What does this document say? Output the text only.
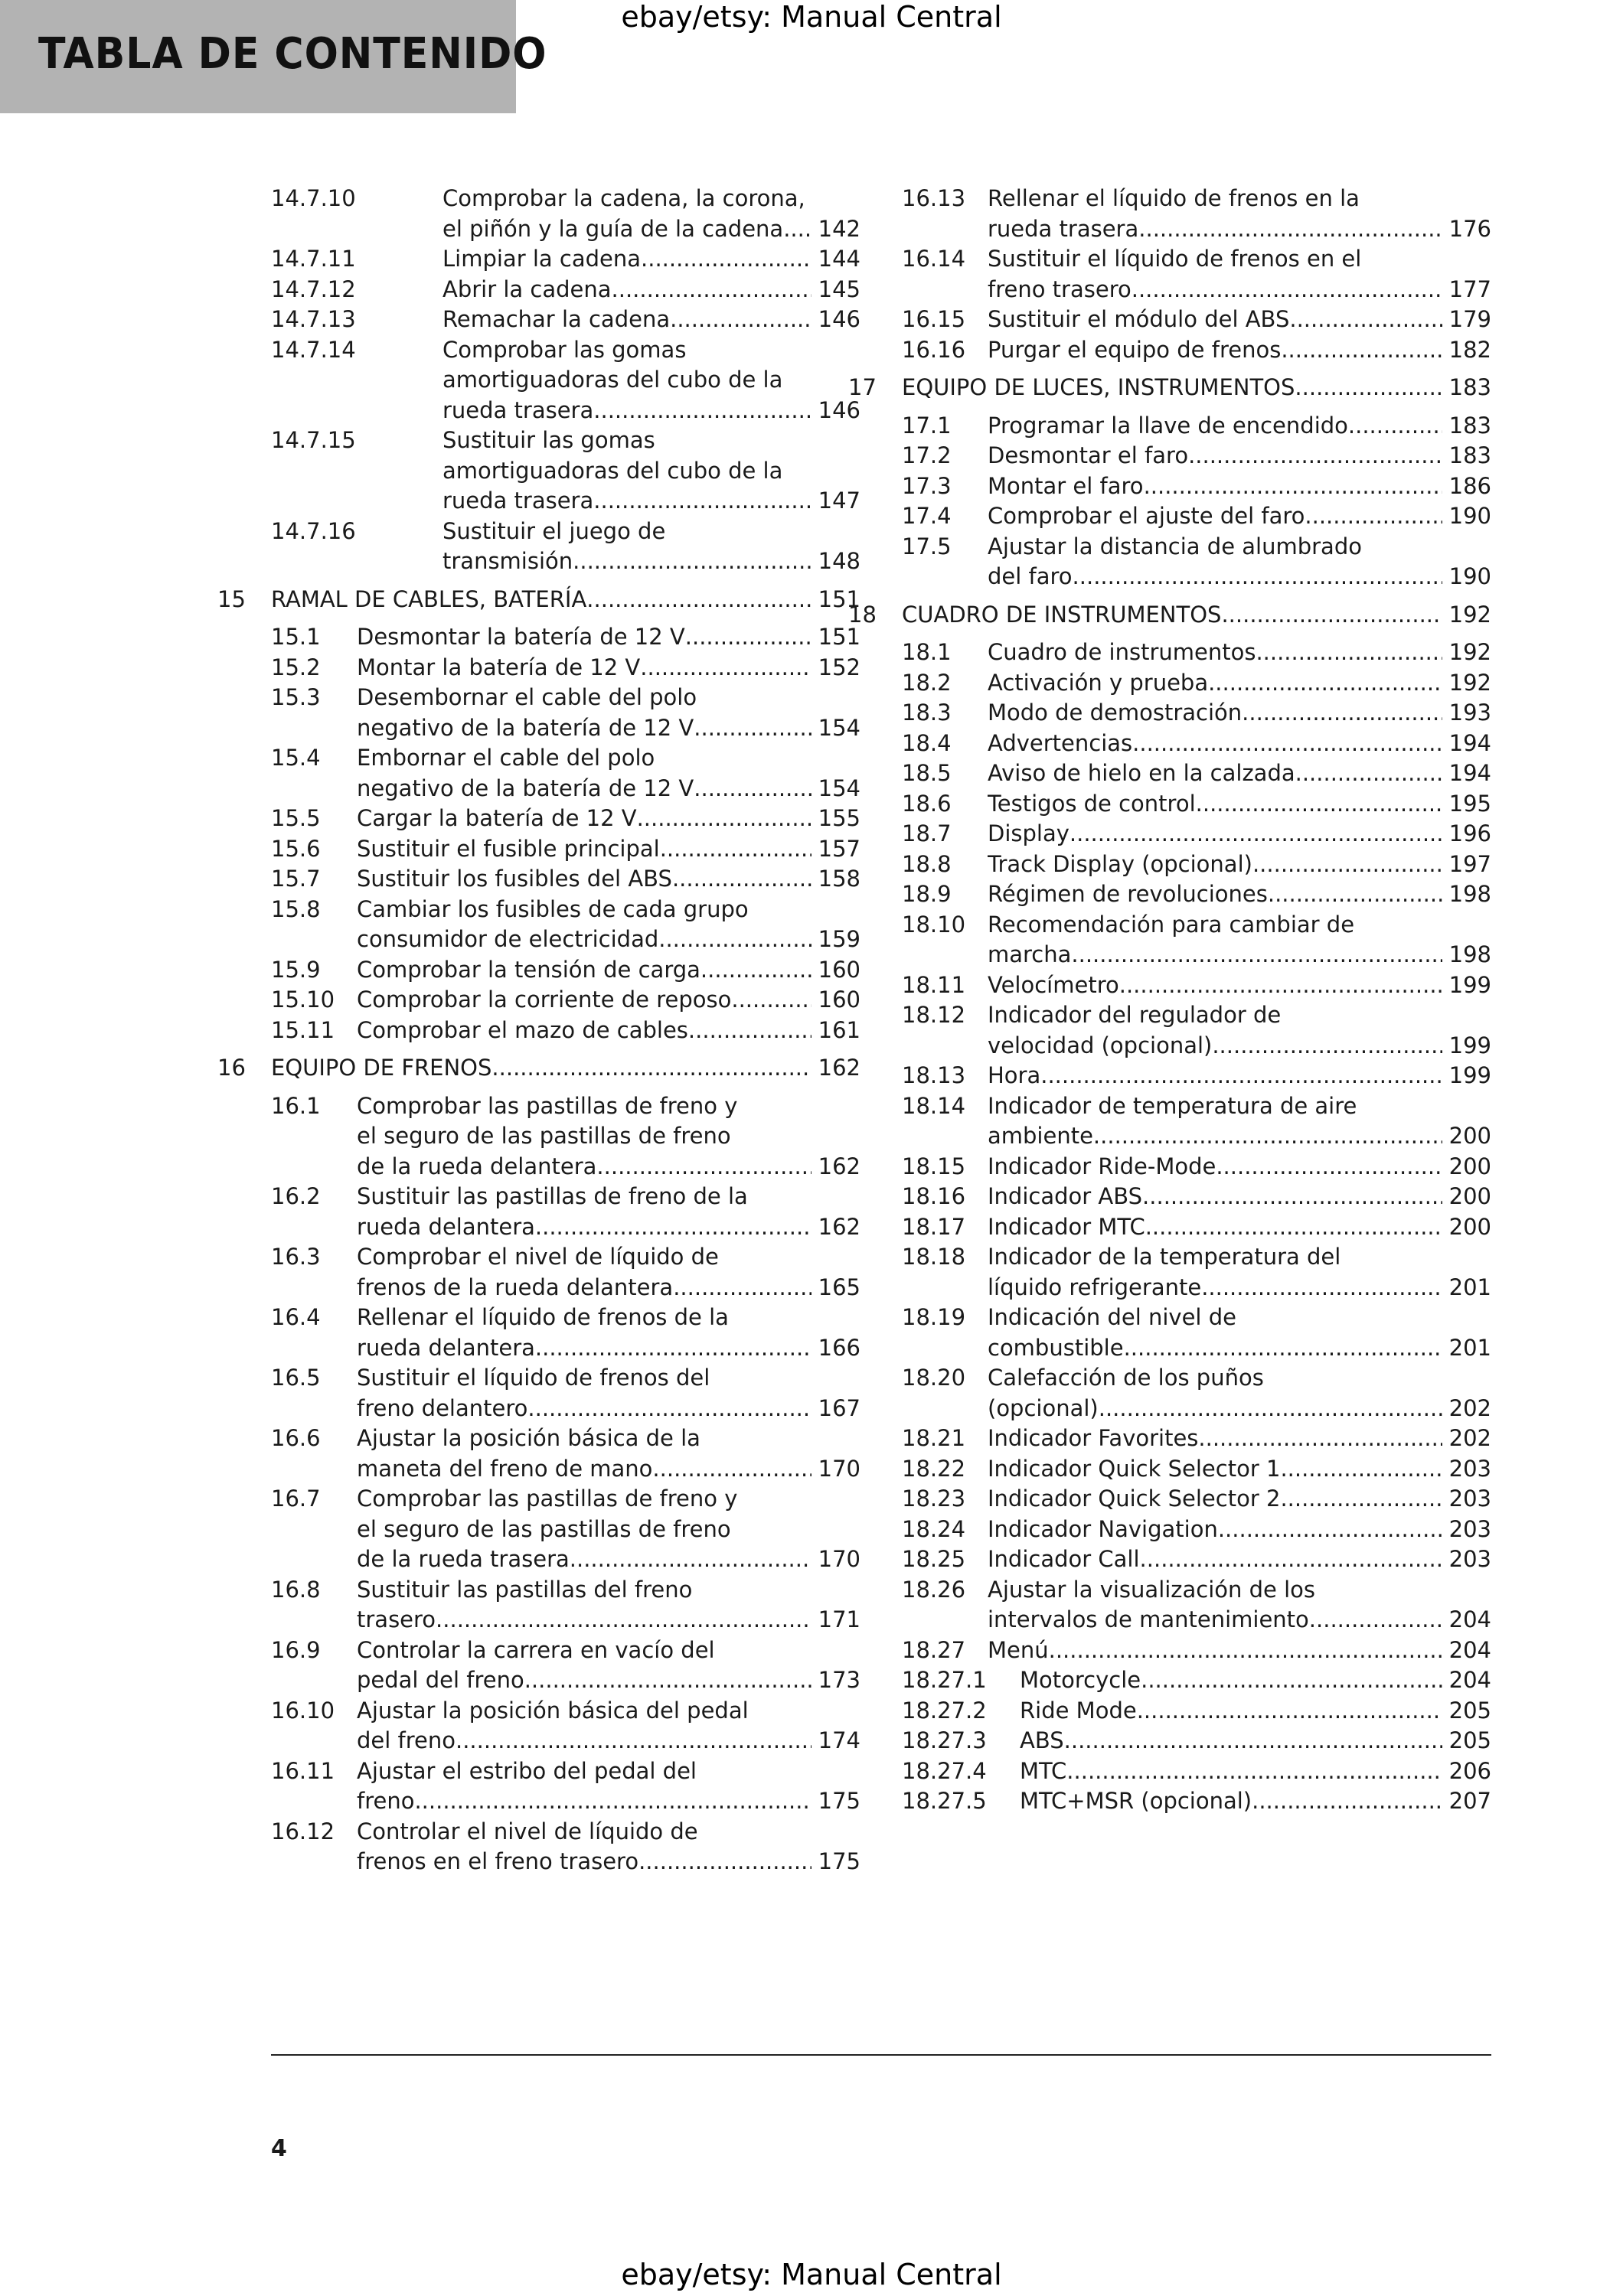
TABLA DE CONTENIDO
ebay/etsy: Manual Central
14.7.10	Comprobar la cadena, la corona,
el piñón y la guía de la cadena ..... 142
14.7.11	Limpiar la cadena .....	144
14.7.12	Abrir la cadena .....	145
14.7.13	Remachar la cadena .....	146
14.7.14	Comprobar las gomas
amortiguadoras del cubo de la
rueda trasera .....	146
14.7.15	Sustituir las gomas
amortiguadoras del cubo de la
rueda trasera .....	147
14.7.16	Sustituir el juego de
transmisión .....	148
15 RAMAL DE CABLES, BATERÍA .....	151
15.1 Desmontar la batería de 12 V .....	151
15.2 Montar la batería de 12 V .....	152
15.3 Desembornar el cable del polo
negativo de la batería de 12 V .....	154
15.4 Embornar el cable del polo
negativo de la batería de 12 V .....	154
15.5 Cargar la batería de 12 V .....	155
15.6 Sustituir el fusible principal .....	157
15.7 Sustituir los fusibles del ABS .....	158
15.8 Cambiar los fusibles de cada grupo
consumidor de electricidad .....	159
15.9 Comprobar la tensión de carga .....	160
15.10 Comprobar la corriente de reposo .....	160
15.11 Comprobar el mazo de cables .....	161
16 EQUIPO DE FRENOS .....	162
16.1 Comprobar las pastillas de freno y
el seguro de las pastillas de freno
de la rueda delantera .....	162
16.2 Sustituir las pastillas de freno de la
rueda delantera .....	162
16.3 Comprobar el nivel de líquido de
frenos de la rueda delantera .....	165
16.4 Rellenar el líquido de frenos de la
rueda delantera .....	166
16.5 Sustituir el líquido de frenos del
freno delantero .....	167
16.6 Ajustar la posición básica de la
maneta del freno de mano .....	170
16.7 Comprobar las pastillas de freno y
el seguro de las pastillas de freno
de la rueda trasera .....	170
16.8 Sustituir las pastillas del freno
trasero .....	171
16.9 Controlar la carrera en vacío del
pedal del freno .....	173
16.10 Ajustar la posición básica del pedal
del freno .....	174
16.11 Ajustar el estribo del pedal del
freno .....	175
16.12 Controlar el nivel de líquido de
frenos en el freno trasero .....	175
16.13 Rellenar el líquido de frenos en la
rueda trasera .....	176
16.14 Sustituir el líquido de frenos en el
freno trasero .....	177
16.15 Sustituir el módulo del ABS .....	179
16.16 Purgar el equipo de frenos .....	182
17 EQUIPO DE LUCES, INSTRUMENTOS .....	183
17.1 Programar la llave de encendido .....	183
17.2 Desmontar el faro .....	183
17.3 Montar el faro .....	186
17.4 Comprobar el ajuste del faro .....	190
17.5 Ajustar la distancia de alumbrado
del faro .....	190
18 CUADRO DE INSTRUMENTOS .....	192
18.1 Cuadro de instrumentos .....	192
18.2 Activación y prueba .....	192
18.3 Modo de demostración .....	193
18.4 Advertencias .....	194
18.5 Aviso de hielo en la calzada .....	194
18.6 Testigos de control .....	195
18.7 Display .....	196
18.8 Track Display (opcional) .....	197
18.9 Régimen de revoluciones .....	198
18.10 Recomendación para cambiar de
marcha .....	198
18.11 Velocímetro .....	199
18.12 Indicador del regulador de
velocidad (opcional) .....	199
18.13 Hora .....	199
18.14 Indicador de temperatura de aire
ambiente .....	200
18.15 Indicador Ride-Mode .....	200
18.16 Indicador ABS .....	200
18.17 Indicador MTC .....	200
18.18 Indicador de la temperatura del
líquido refrigerante .....	201
18.19 Indicación del nivel de
combustible .....	201
18.20 Calefacción de los puños
(opcional) .....	202
18.21 Indicador Favorites .....	202
18.22 Indicador Quick Selector 1 .....	203
18.23 Indicador Quick Selector 2 .....	203
18.24 Indicador Navigation .....	203
18.25 Indicador Call .....	203
18.26 Ajustar la visualización de los
intervalos de mantenimiento .....	204
18.27 Menú .....	204
18.27.1 Motorcycle .....	204
18.27.2 Ride Mode .....	205
18.27.3 ABS .....	205
18.27.4 MTC .....	206
18.27.5 MTC+MSR (opcional) .....	207
4
ebay/etsy: Manual Central
